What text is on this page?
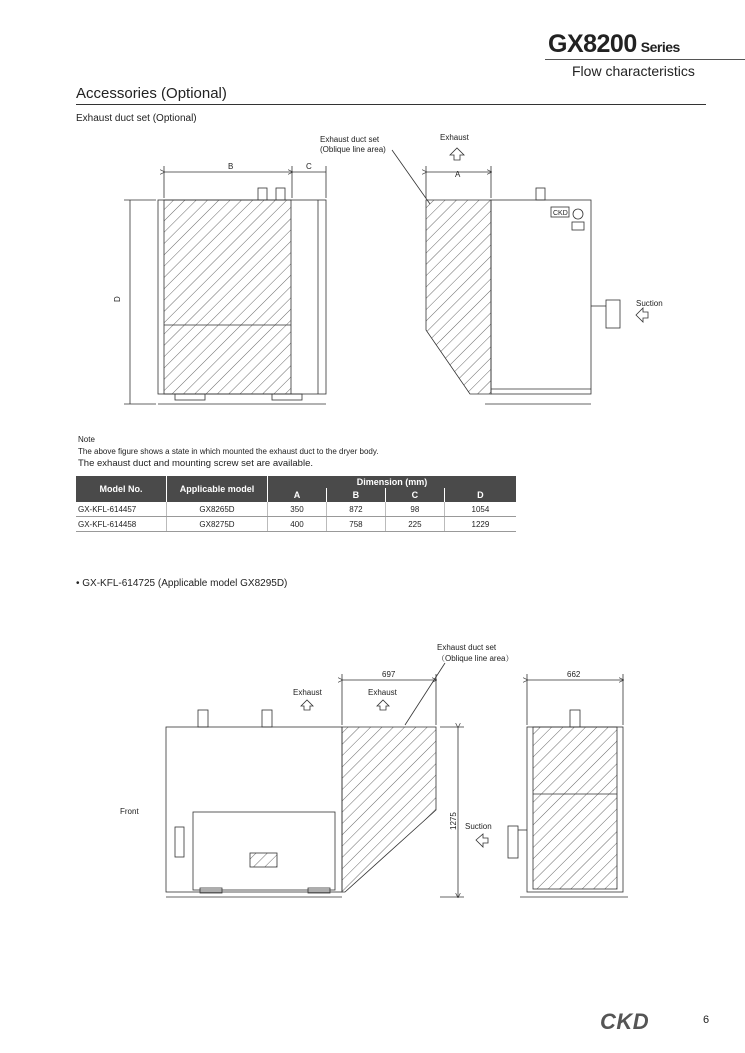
GX8200 Series
Flow characteristics
Accessories (Optional)
Exhaust duct set (Optional)
B	C
D
CKD
A
Exhaust duct set
(Oblique line area)
Exhaust
Suction
Note
The above figure shows a state in which mounted the exhaust duct to the dryer body.
The exhaust duct and mounting screw set are available.
Model No.	Applicable model	Dimension (mm)			
		A	B	C	D
GX-KFL-614457	GX8265D	350	872	98	1054
GX-KFL-614458	GX8275D	400	758	225	1229
• GX-KFL-614725 (Applicable model GX8295D)
Exhaust duct set
（Oblique line area）
697	662
Exhaust	Exhaust
Front
Suction
1275
CKD	6
